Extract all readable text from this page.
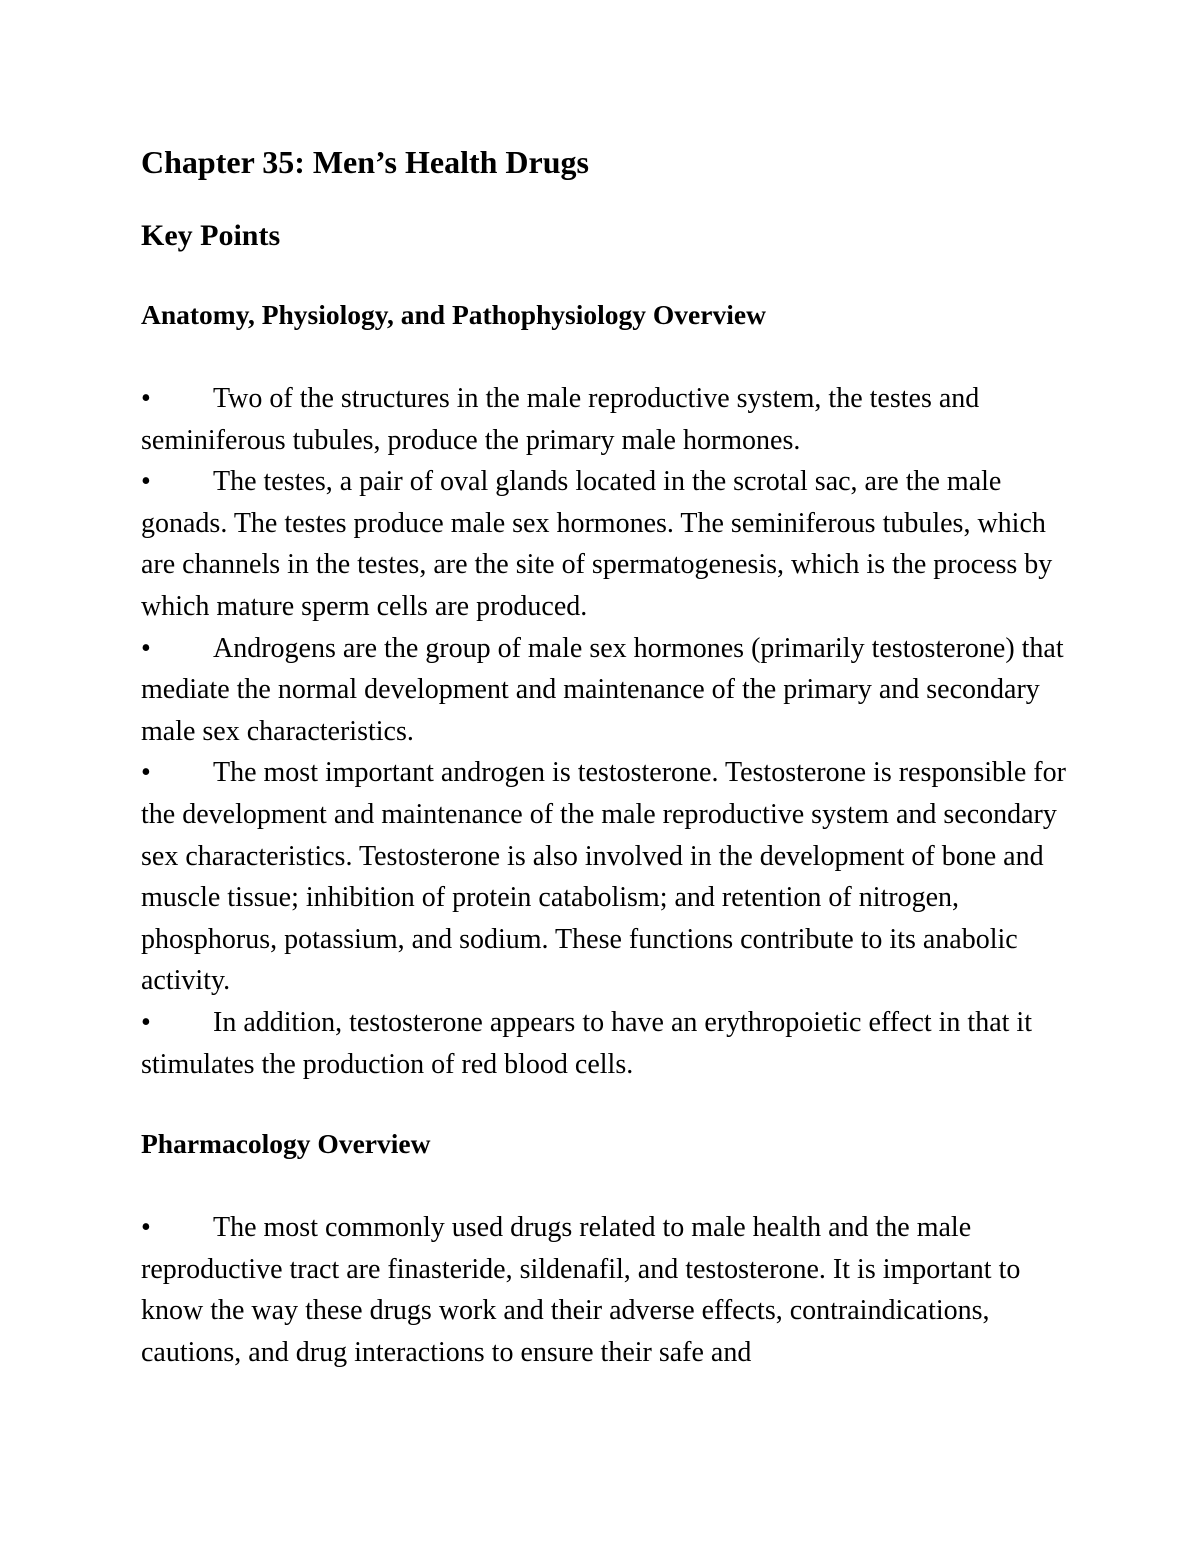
Chapter 35: Men’s Health Drugs
Key Points
Anatomy, Physiology, and Pathophysiology Overview
• Two of the structures in the male reproductive system, the testes and seminiferous tubules, produce the primary male hormones.
• The testes, a pair of oval glands located in the scrotal sac, are the male gonads. The testes produce male sex hormones. The seminiferous tubules, which are channels in the testes, are the site of spermatogenesis, which is the process by which mature sperm cells are produced.
• Androgens are the group of male sex hormones (primarily testosterone) that mediate the normal development and maintenance of the primary and secondary male sex characteristics.
• The most important androgen is testosterone. Testosterone is responsible for the development and maintenance of the male reproductive system and secondary sex characteristics. Testosterone is also involved in the development of bone and muscle tissue; inhibition of protein catabolism; and retention of nitrogen, phosphorus, potassium, and sodium. These functions contribute to its anabolic activity.
• In addition, testosterone appears to have an erythropoietic effect in that it stimulates the production of red blood cells.
Pharmacology Overview
• The most commonly used drugs related to male health and the male reproductive tract are finasteride, sildenafil, and testosterone. It is important to know the way these drugs work and their adverse effects, contraindications, cautions, and drug interactions to ensure their safe and
